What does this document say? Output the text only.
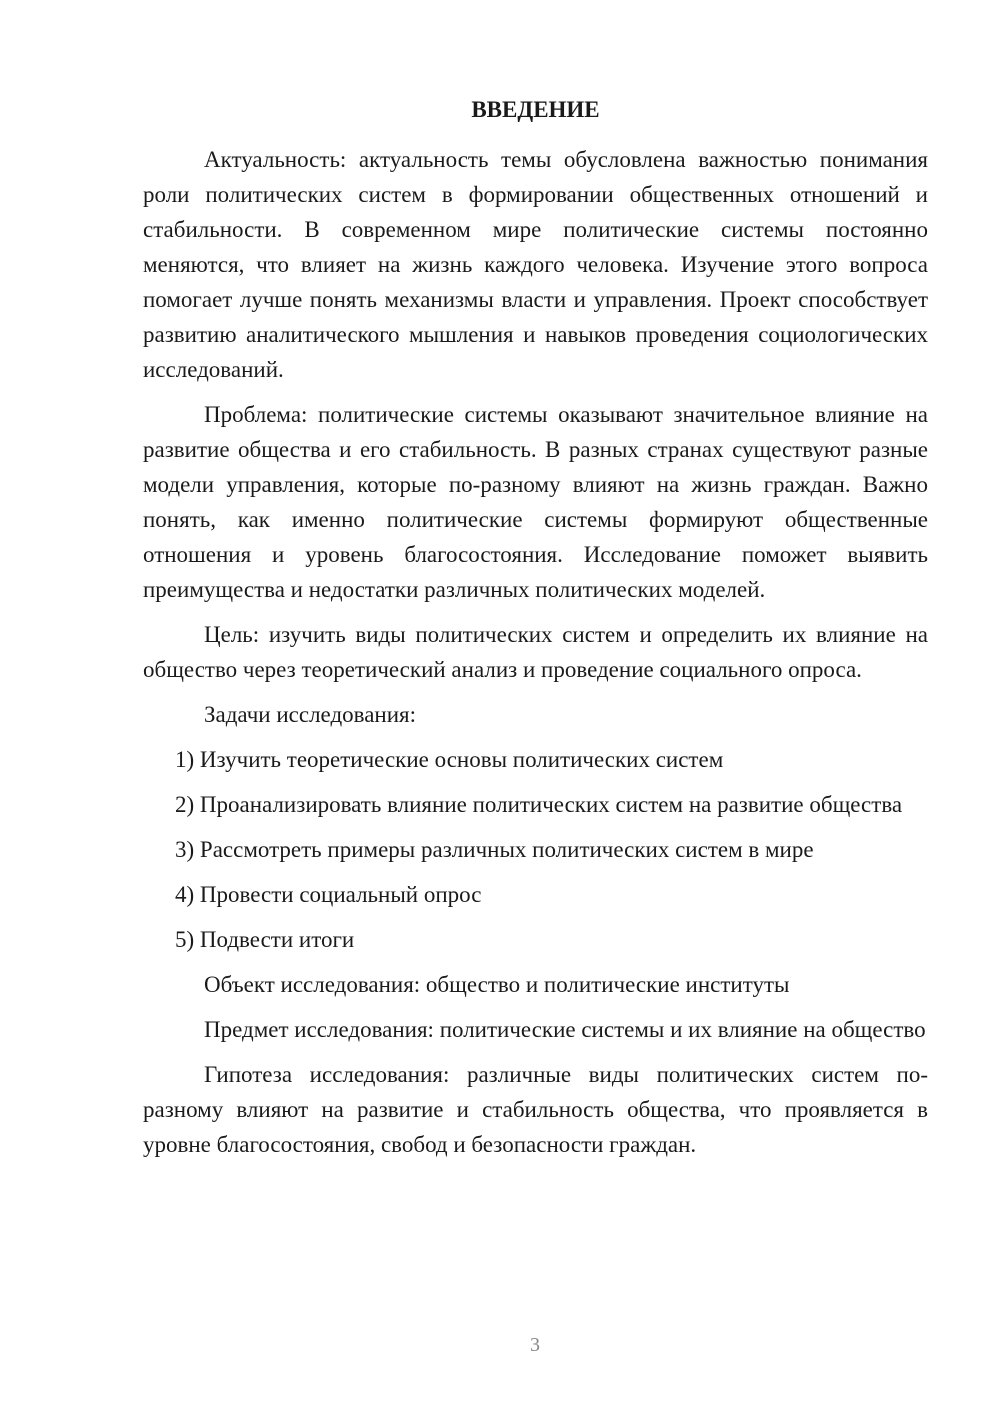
ВВЕДЕНИЕ

Актуальность: актуальность темы обусловлена важностью понимания роли политических систем в формировании общественных отношений и стабильности. В современном мире политические системы постоянно меняются, что влияет на жизнь каждого человека. Изучение этого вопроса помогает лучше понять механизмы власти и управления. Проект способствует развитию аналитического мышления и навыков проведения социологических исследований.

Проблема: политические системы оказывают значительное влияние на развитие общества и его стабильность. В разных странах существуют разные модели управления, которые по-разному влияют на жизнь граждан. Важно понять, как именно политические системы формируют общественные отношения и уровень благосостояния. Исследование поможет выявить преимущества и недостатки различных политических моделей.

Цель: изучить виды политических систем и определить их влияние на общество через теоретический анализ и проведение социального опроса.

Задачи исследования:

1) Изучить теоретические основы политических систем

2) Проанализировать влияние политических систем на развитие общества

3) Рассмотреть примеры различных политических систем в мире

4) Провести социальный опрос

5) Подвести итоги

Объект исследования: общество и политические институты

Предмет исследования: политические системы и их влияние на общество

Гипотеза исследования: различные виды политических систем по-разному влияют на развитие и стабильность общества, что проявляется в уровне благосостояния, свобод и безопасности граждан.

3
